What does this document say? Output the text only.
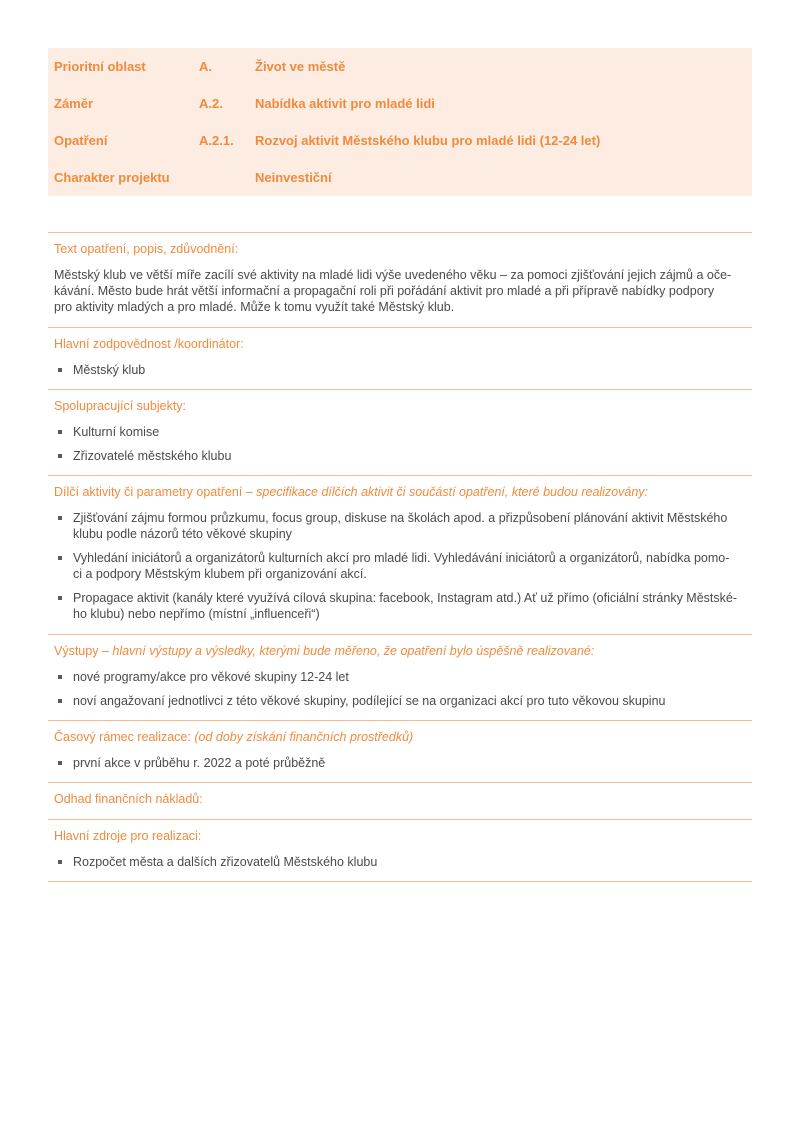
Prioritní oblast	A.	Život ve městě
Záměr	A.2. Nabídka aktivit pro mladé lidi
Opatření	A.2.1. Rozvoj aktivit Městského klubu pro mladé lidi (12-24 let)
Charakter projektu	Neinvestiční
Text opatření, popis, zdůvodnění:
Městský klub ve větší míře zacílí své aktivity na mladé lidi výše uvedeného věku – za pomoci zjišťování jejich zájmů a oče-
kávání. Město bude hrát větší informační a propagační roli při pořádání aktivit pro mladé a při přípravě nabídky podpory
pro aktivity mladých a pro mladé. Může k tomu využít také Městský klub.
Hlavní zodpovědnost /koordinátor:
Městský klub
Spolupracující subjekty:
Kulturní komise
Zřizovatelé městského klubu
Dílčí aktivity či parametry opatření – specifikace dílčích aktivit či součástí opatření, které budou realizovány:
Zjišťování zájmu formou průzkumu, focus group, diskuse na školách apod. a přizpůsobení plánování aktivit Městského
klubu podle názorů této věkové skupiny
Vyhledání iniciátorů a organizátorů kulturních akcí pro mladé lidi. Vyhledávání iniciátorů a organizátorů, nabídka pomo-
ci a podpory Městským klubem při organizování akcí.
Propagace aktivit (kanály které využívá cílová skupina: facebook, Instagram atd.) Ať už přímo (oficiální stránky Městské-
ho klubu) nebo nepřímo (místní „influenceři“)
Výstupy – hlavní výstupy a výsledky, kterými bude měřeno, že opatření bylo úspěšně realizované:
nové programy/akce pro věkové skupiny 12-24 let
noví angažovaní jednotlivci z této věkové skupiny, podílející se na organizaci akcí pro tuto věkovou skupinu
Časový rámec realizace: (od doby získání finančních prostředků)
první akce v průběhu r. 2022 a poté průběžně
Odhad finančních nákladů:
Hlavní zdroje pro realizaci:
Rozpočet města a dalších zřizovatelů Městského klubu
